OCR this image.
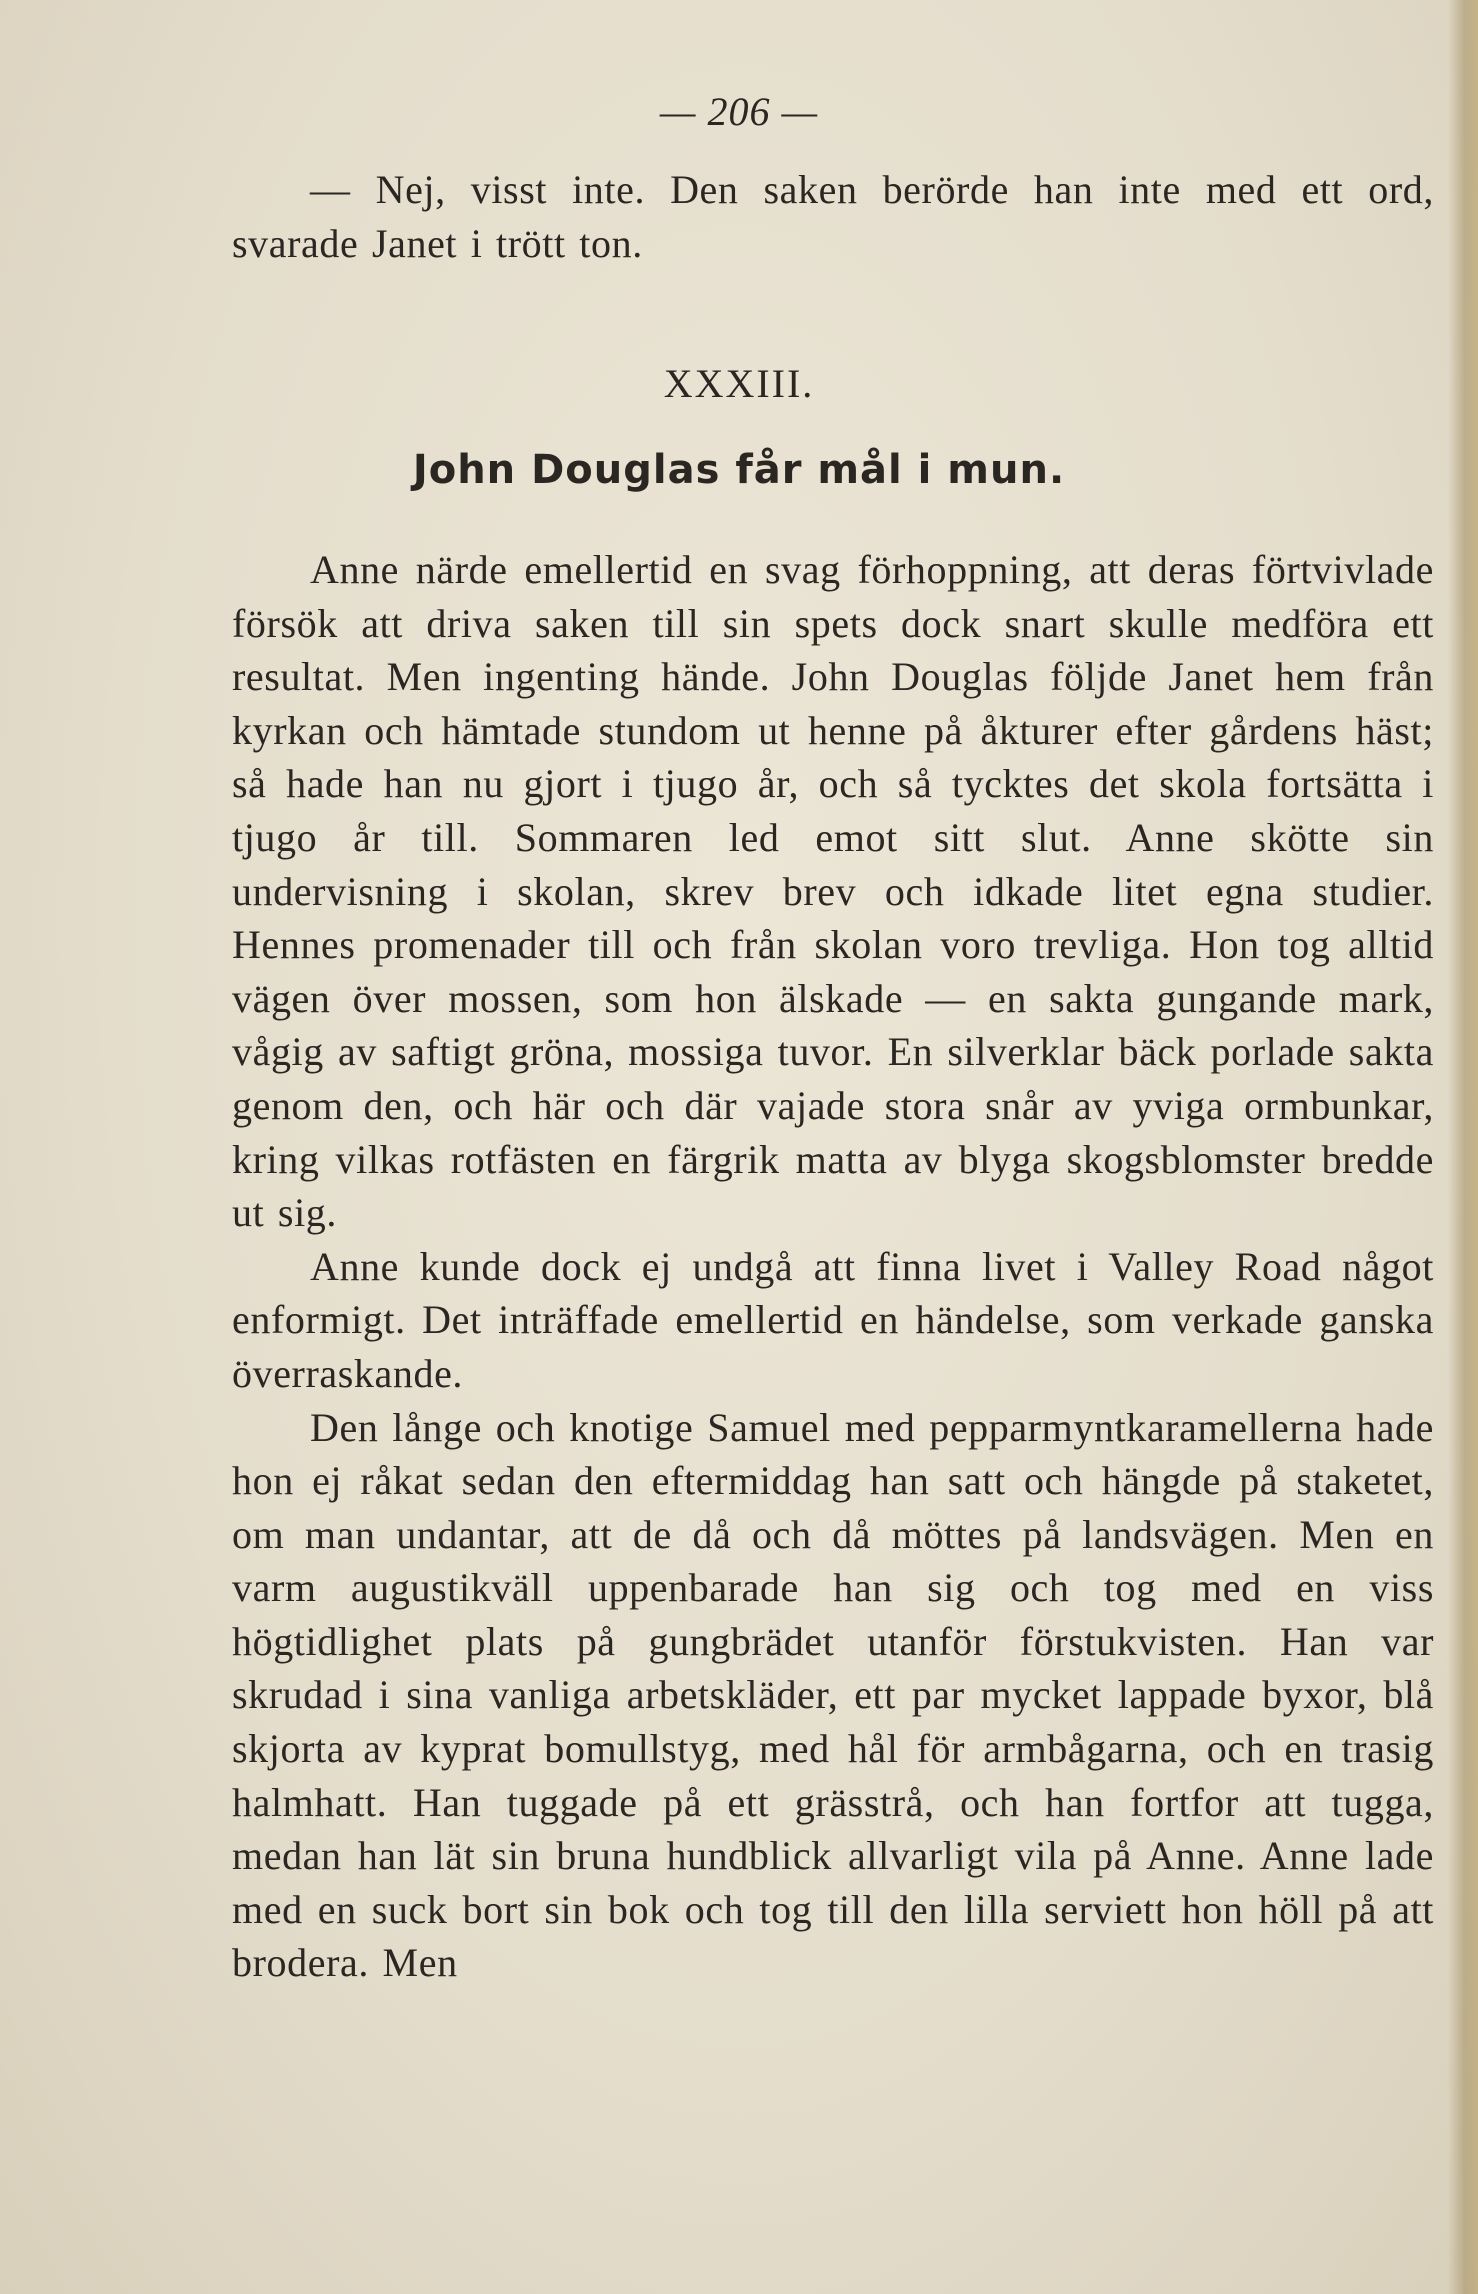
— 206 —

— Nej, visst inte. Den saken berörde han inte med ett ord, svarade Janet i trött ton.

XXXIII.
John Douglas får mål i mun.

Anne närde emellertid en svag förhoppning, att deras förtvivlade försök att driva saken till sin spets dock snart skulle medföra ett resultat. Men ingenting hände. John Douglas följde Janet hem från kyrkan och hämtade stundom ut henne på åkturer efter gårdens häst; så hade han nu gjort i tjugo år, och så tycktes det skola fortsätta i tjugo år till. Sommaren led emot sitt slut. Anne skötte sin undervisning i skolan, skrev brev och idkade litet egna studier. Hennes promenader till och från skolan voro trevliga. Hon tog alltid vägen över mossen, som hon älskade — en sakta gungande mark, vågig av saftigt gröna, mossiga tuvor. En silverklar bäck porlade sakta genom den, och här och där vajade stora snår av yviga ormbunkar, kring vilkas rotfästen en färgrik matta av blyga skogsblomster bredde ut sig.

Anne kunde dock ej undgå att finna livet i Valley Road något enformigt. Det inträffade emellertid en händelse, som verkade ganska överraskande.

Den långe och knotige Samuel med pepparmyntkaramellerna hade hon ej råkat sedan den eftermiddag han satt och hängde på staketet, om man undantar, att de då och då möttes på landsvägen. Men en varm augustikväll uppenbarade han sig och tog med en viss högtidlighet plats på gungbrädet utanför förstukvisten. Han var skrudad i sina vanliga arbetskläder, ett par mycket lappade byxor, blå skjorta av kyprat bomullstyg, med hål för armbågarna, och en trasig halmhatt. Han tuggade på ett grässtrå, och han fortfor att tugga, medan han lät sin bruna hundblick allvarligt vila på Anne. Anne lade med en suck bort sin bok och tog till den lilla serviett hon höll på att brodera. Men
